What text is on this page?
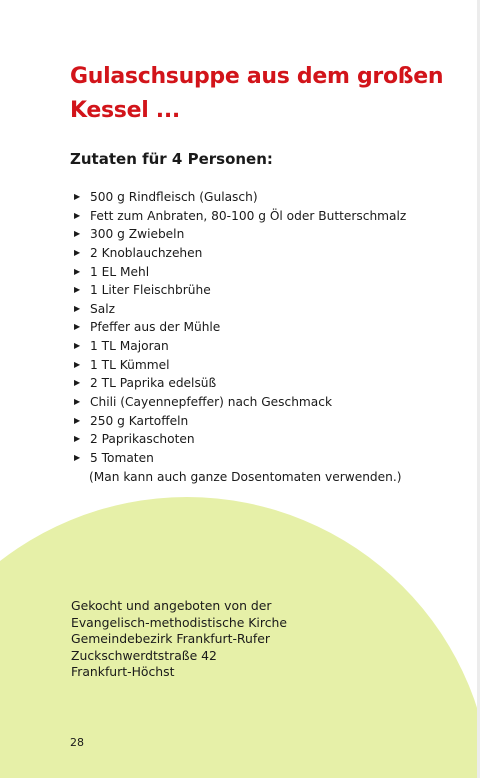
Gulaschsuppe aus dem großen Kessel ...
Zutaten für 4 Personen:
▶ 500 g Rindfleisch (Gulasch)
▶ Fett zum Anbraten, 80-100 g Öl oder Butterschmalz
▶ 300 g Zwiebeln
▶ 2 Knoblauchzehen
▶ 1 EL Mehl
▶ 1 Liter Fleischbrühe
▶ Salz
▶ Pfeffer aus der Mühle
▶ 1 TL Majoran
▶ 1 TL Kümmel
▶ 2 TL Paprika edelsüß
▶ Chili (Cayennepfeffer) nach Geschmack
▶ 250 g Kartoffeln
▶ 2 Paprikaschoten
▶ 5 Tomaten

(Man kann auch ganze Dosentomaten verwenden.)

Gekocht und angeboten von der
Evangelisch-methodistische Kirche
Gemeindebezirk Frankfurt-Rufer
Zuckschwerdtstraße 42
Frankfurt-Höchst
28
